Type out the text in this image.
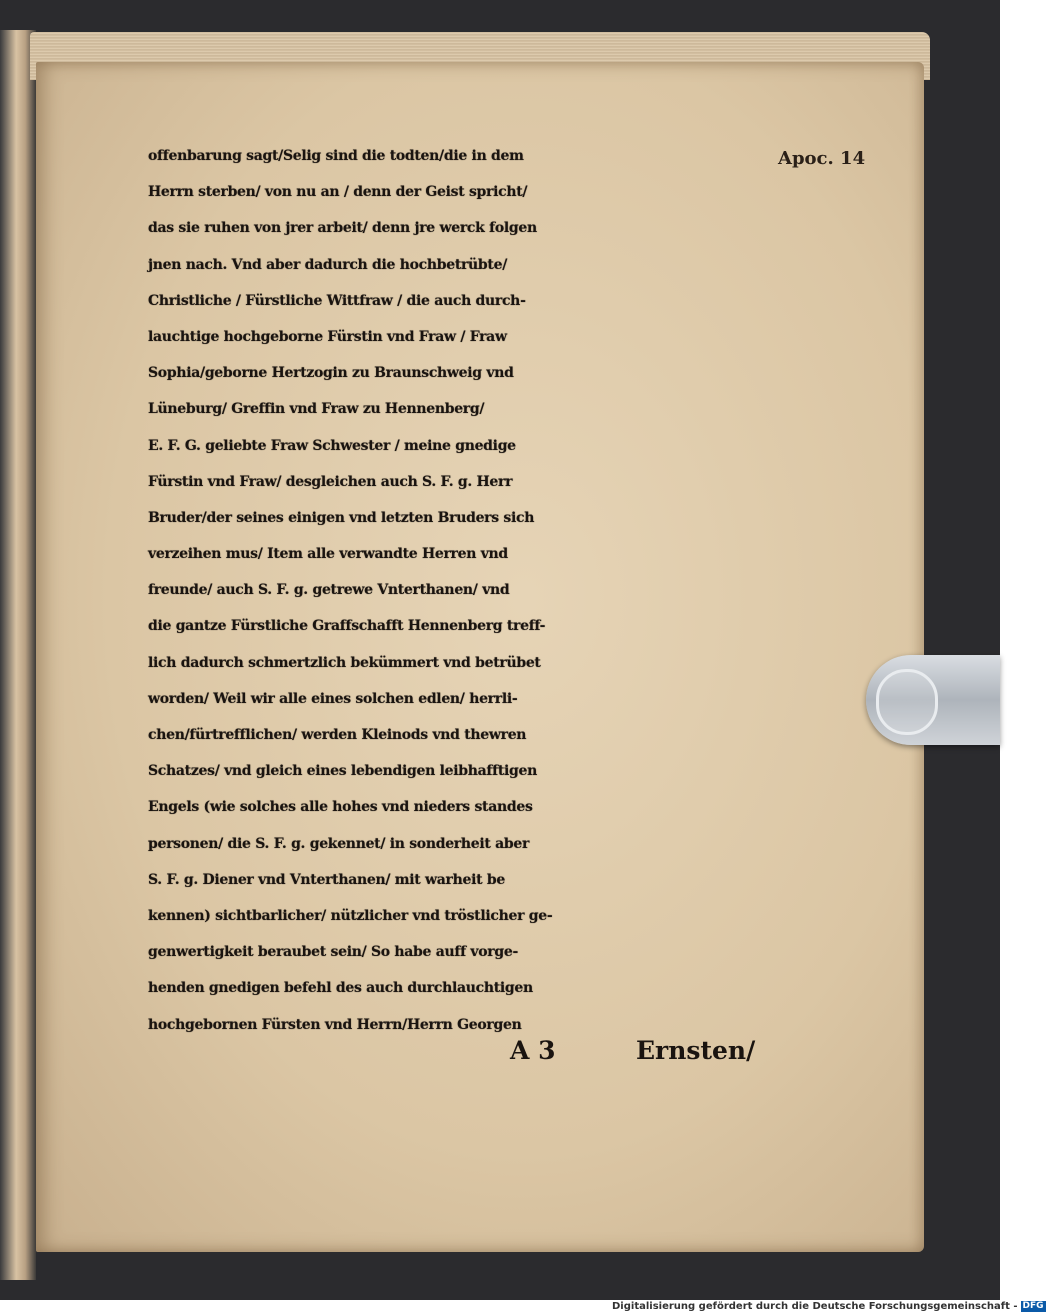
Apoc. 14
offenbarung sagt/Selig sind die todten/die in dem
Herrn sterben/ von nu an / denn der Geist spricht/
das sie ruhen von jrer arbeit/ denn jre werck folgen
jnen nach. Vnd aber dadurch die hochbetrübte/
Christliche / Fürstliche Wittfraw / die auch durch-
lauchtige hochgeborne Fürstin vnd Fraw / Fraw
Sophia/geborne Hertzogin zu Braunschweig vnd
Lüneburg/ Greffin vnd Fraw zu Hennenberg/
E. F. G. geliebte Fraw Schwester / meine gnedige
Fürstin vnd Fraw/ desgleichen auch S. F. g. Herr
Bruder/der seines einigen vnd letzten Bruders sich
verzeihen mus/ Item alle verwandte Herren vnd
freunde/ auch S. F. g. getrewe Vnterthanen/ vnd
die gantze Fürstliche Graffschafft Hennenberg treff-
lich dadurch schmertzlich bekümmert vnd betrübet
worden/ Weil wir alle eines solchen edlen/ herrli-
chen/fürtrefflichen/ werden Kleinods vnd thewren
Schatzes/ vnd gleich eines lebendigen leibhafftigen
Engels (wie solches alle hohes vnd nieders standes
personen/ die S. F. g. gekennet/ in sonderheit aber
S. F. g. Diener vnd Vnterthanen/ mit warheit be
kennen) sichtbarlicher/ nützlicher vnd tröstlicher ge-
genwertigkeit beraubet sein/ So habe auff vorge-
henden gnedigen befehl des auch durchlauchtigen
hochgebornen Fürsten vnd Herrn/Herrn Georgen
A 3	Ernsten/
Digitalisierung gefördert durch die Deutsche Forschungsgemeinschaft - DFG
